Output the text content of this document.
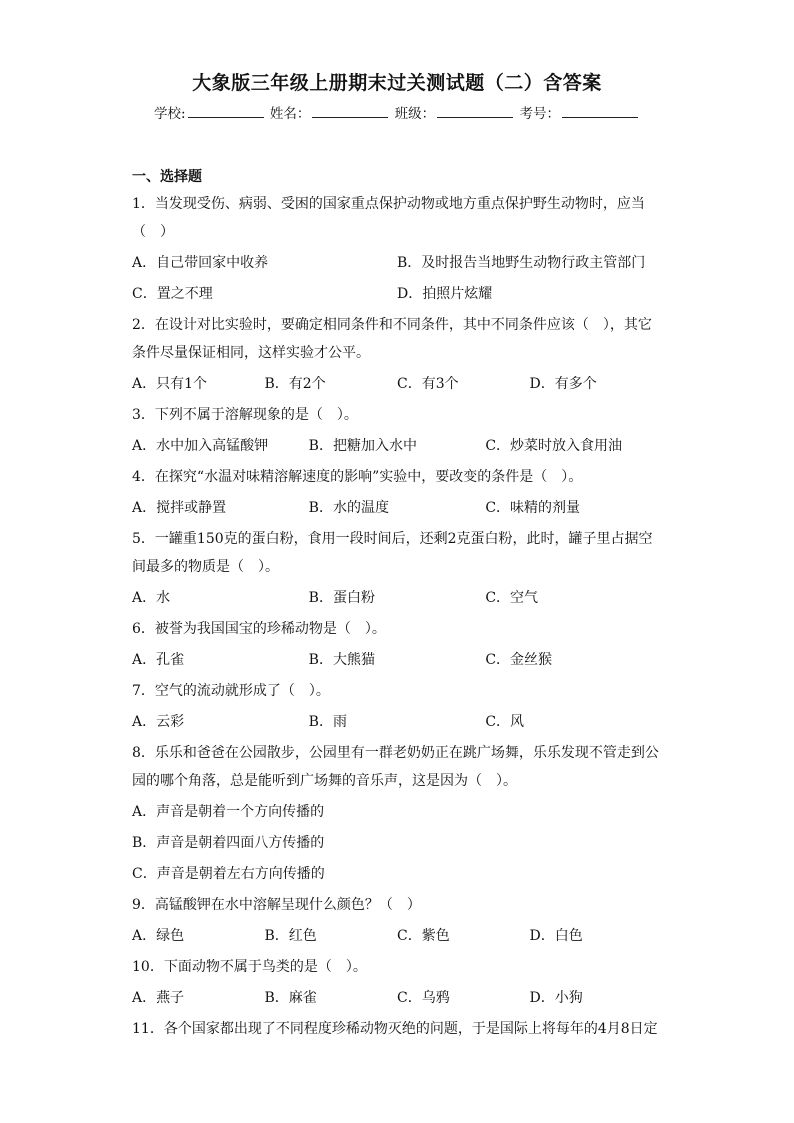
大象版三年级上册期末过关测试题（二）含答案
学校:	姓名：	班级：	考号：
一、选择题
1．当发现受伤、病弱、受困的国家重点保护动物或地方重点保护野生动物时，应当（　）
A．自己带回家中收养	B．及时报告当地野生动物行政主管部门
C．置之不理	D．拍照片炫耀
2．在设计对比实验时，要确定相同条件和不同条件，其中不同条件应该（　），其它条件尽量保证相同，这样实验才公平。
A．只有1个	B．有2个	C．有3个	D．有多个
3．下列不属于溶解现象的是（　）。
A．水中加入高锰酸钾	B．把糖加入水中	C．炒菜时放入食用油
4．在探究“水温对味精溶解速度的影响”实验中，要改变的条件是（　）。
A．搅拌或静置	B．水的温度	C．味精的剂量
5．一罐重150克的蛋白粉，食用一段时间后，还剩2克蛋白粉，此时，罐子里占据空间最多的物质是（　）。
A．水	B．蛋白粉	C．空气
6．被誉为我国国宝的珍稀动物是（　）。
A．孔雀	B．大熊猫	C．金丝猴
7．空气的流动就形成了（　）。
A．云彩	B．雨	C．风
8．乐乐和爸爸在公园散步，公园里有一群老奶奶正在跳广场舞，乐乐发现不管走到公园的哪个角落，总是能听到广场舞的音乐声，这是因为（　）。
A．声音是朝着一个方向传播的
B．声音是朝着四面八方传播的
C．声音是朝着左右方向传播的
9．高锰酸钾在水中溶解呈现什么颜色？（　）
A．绿色	B．红色	C．紫色	D．白色
10．下面动物不属于鸟类的是（　）。
A．燕子	B．麻雀	C．乌鸦	D．小狗
11．各个国家都出现了不同程度珍稀动物灭绝的问题，于是国际上将每年的4月8日定
